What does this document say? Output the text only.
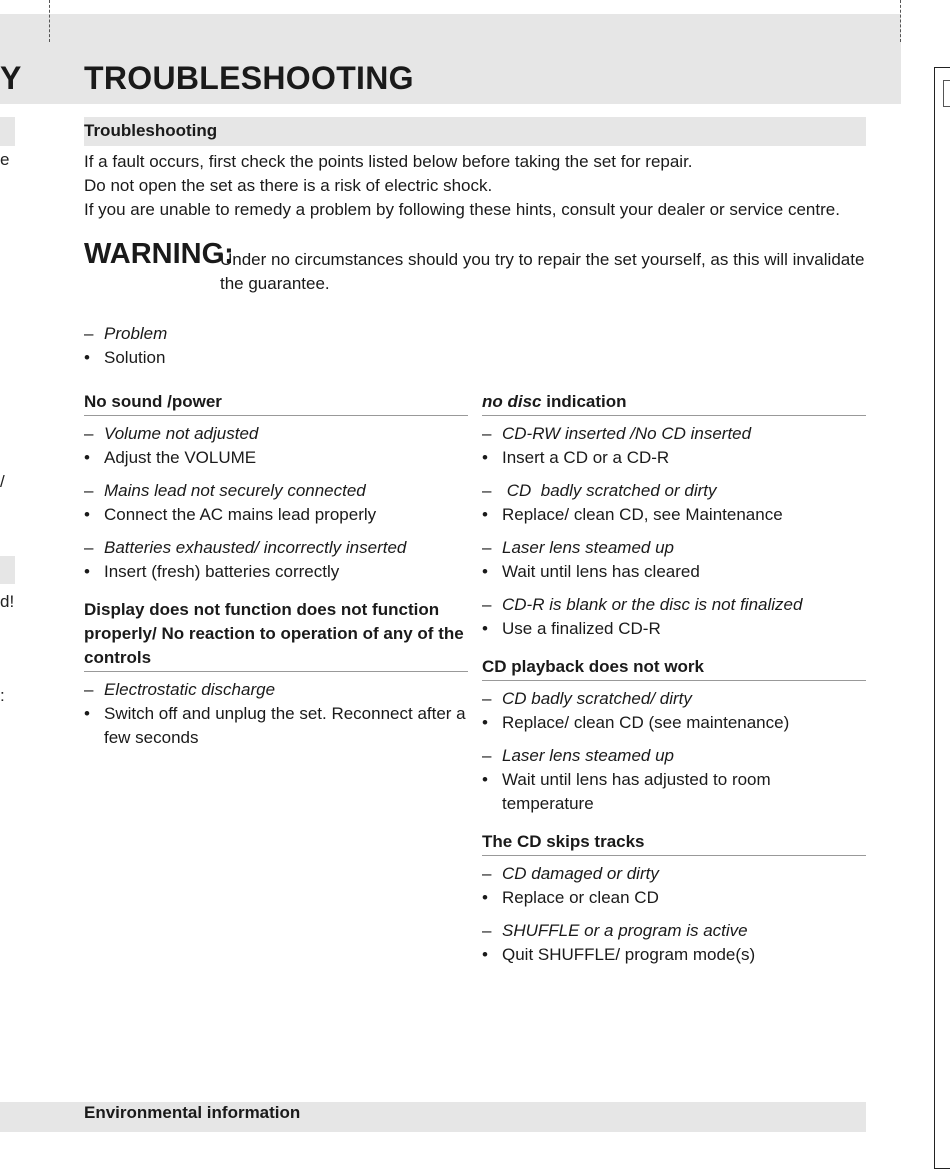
Y
e
/
d!
:
TROUBLESHOOTING
Troubleshooting
If a fault occurs, first check the points listed below before taking the set for repair.
Do not open the set as there is a risk of electric shock.
If you are unable to remedy a problem by following these hints, consult your dealer or service centre.
WARNING:
Under no circumstances should you try to repair the set yourself, as this will invalidate the guarantee.
– Problem
• Solution
No sound /power
– Volume not adjusted
• Adjust the VOLUME
– Mains lead not securely connected
• Connect the AC mains lead properly
– Batteries exhausted/ incorrectly inserted
• Insert (fresh) batteries correctly
Display does not function does not function properly/ No reaction to operation of any of the controls
– Electrostatic discharge
• Switch off and unplug the set. Reconnect after a few seconds
no disc indication
– CD-RW inserted /No CD inserted
• Insert a CD or a CD-R
– CD  badly scratched or dirty
• Replace/ clean CD, see Maintenance
– Laser lens steamed up
• Wait until lens has cleared
– CD-R is blank or the disc is not finalized
• Use a finalized CD-R
CD playback does not work
– CD badly scratched/ dirty
• Replace/ clean CD (see maintenance)
– Laser lens steamed up
• Wait until lens has adjusted to room temperature
The CD skips tracks
– CD damaged or dirty
• Replace or clean CD
– SHUFFLE or a program is active
• Quit SHUFFLE/ program mode(s)
Environmental information
